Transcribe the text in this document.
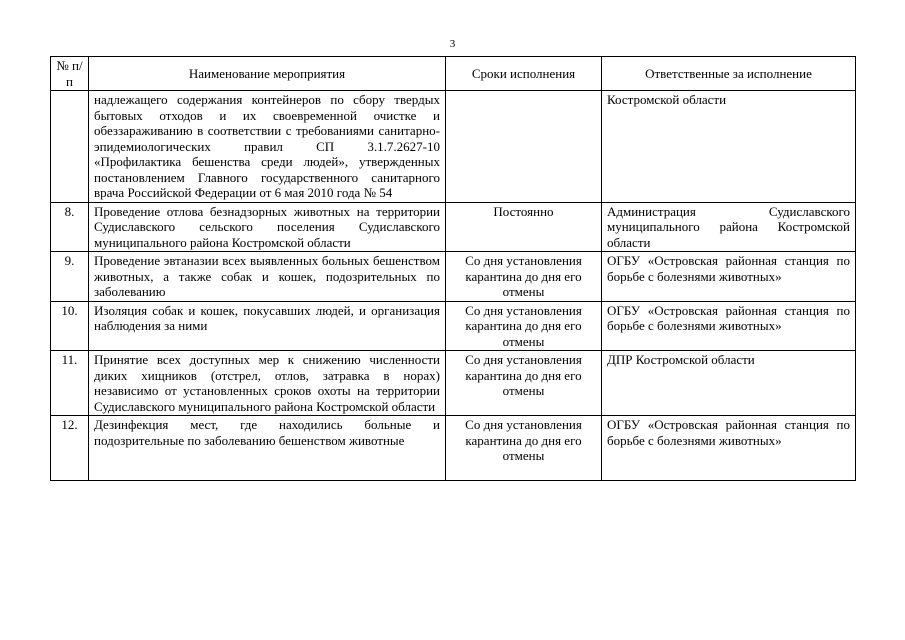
3
№ п/п	Наименование мероприятия	Сроки исполнения	Ответственные за исполнение
	надлежащего содержания контейнеров по сбору твердых бытовых отходов и их своевременной очистке и обеззараживанию в соответствии с требованиями санитарно-эпидемиологических правил СП 3.1.7.2627-10 «Профилактика бешенства среди людей», утвержденных постановлением Главного государственного санитарного врача Российской Федерации от 6 мая 2010 года № 54		Костромской области
8.	Проведение отлова безнадзорных животных на территории Судиславского сельского поселения Судиславского муниципального района Костромской области	Постоянно	Администрация Судиславского муниципального района Костромской области
9.	Проведение эвтаназии всех выявленных больных бешенством животных, а также собак и кошек, подозрительных по заболеванию	Со дня установления карантина до дня его отмены	ОГБУ «Островская районная станция по борьбе с болезнями животных»
10.	Изоляция собак и кошек, покусавших людей, и организация наблюдения за ними	Со дня установления карантина до дня его отмены	ОГБУ «Островская районная станция по борьбе с болезнями животных»
11.	Принятие всех доступных мер к снижению численности диких хищников (отстрел, отлов, затравка в норах) независимо от установленных сроков охоты на территории Судиславского муниципального района Костромской области	Со дня установления карантина до дня его отмены	ДПР Костромской области
12.	Дезинфекция мест, где находились больные и подозрительные по заболеванию бешенством животные	Со дня установления карантина до дня его отмены	ОГБУ «Островская районная станция по борьбе с болезнями животных»
